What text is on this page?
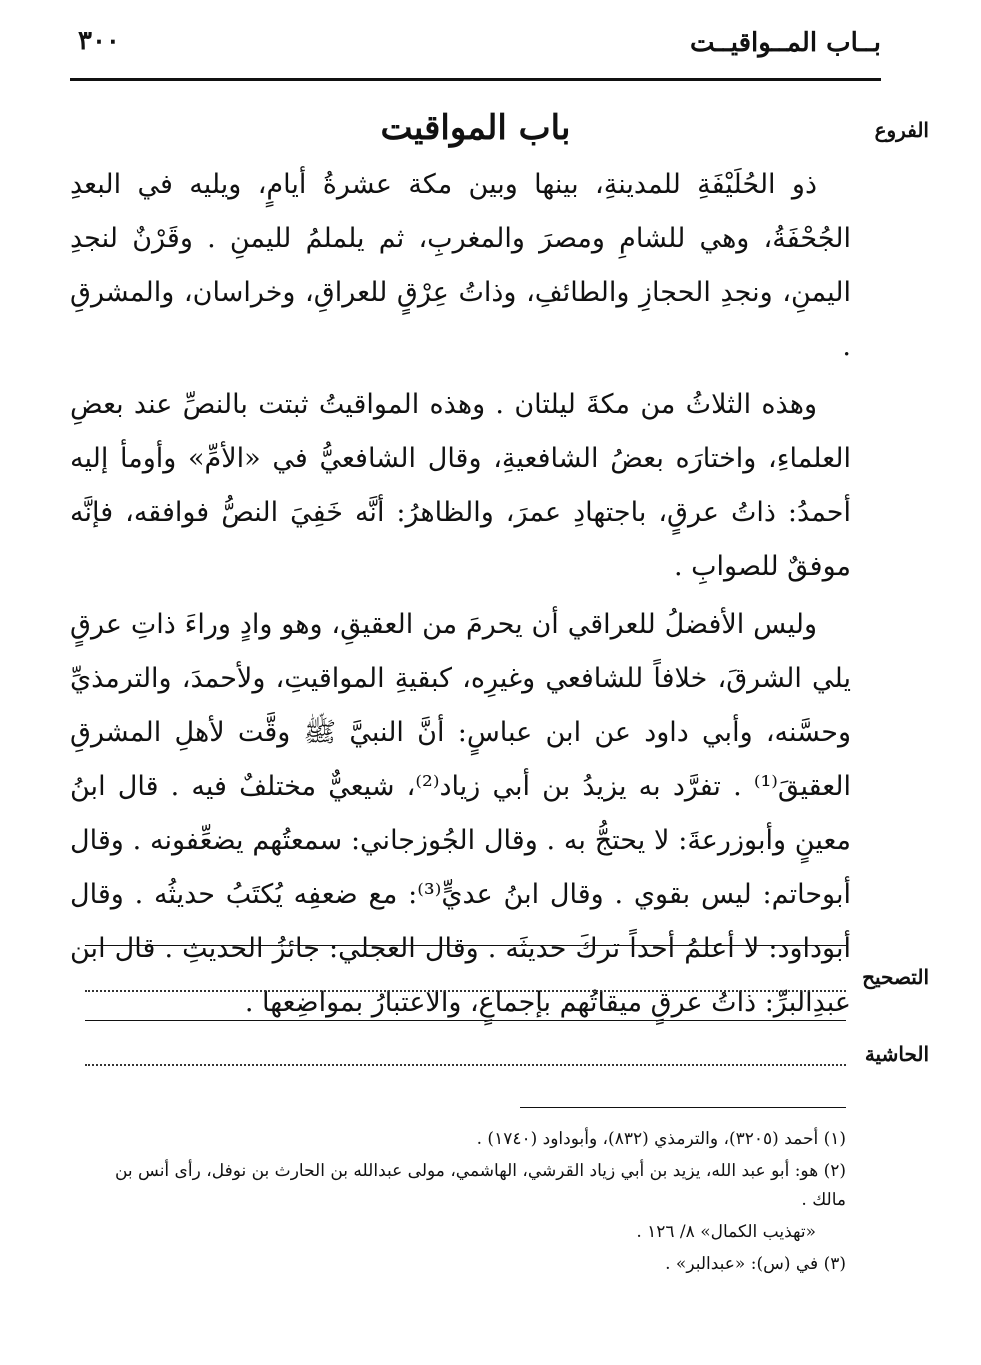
بــاب المــواقيــت
٣٠٠
الفروع
باب المواقيت

ذو الحُلَيْفَةِ للمدينةِ، بينها وبين مكة عشرةُ أيامٍ، ويليه في البعدِ الجُحْفَةُ، وهي للشامِ ومصرَ والمغربِ، ثم يلملمُ لليمنِ . وقَرْنٌ لنجدِ اليمنِ، ونجدِ الحجازِ والطائفِ، وذاتُ عِرْقٍ للعراقِ، وخراسان، والمشرقِ .

وهذه الثلاثُ من مكةَ ليلتان . وهذه المواقيتُ ثبتت بالنصِّ عند بعضِ العلماءِ، واختارَه بعضُ الشافعيةِ، وقال الشافعيُّ في «الأمِّ» وأومأ إليه أحمدُ: ذاتُ عرقٍ، باجتهادِ عمرَ، والظاهرُ: أنَّه خَفِيَ النصُّ فوافقه، فإنَّه موفقٌ للصوابِ .

وليس الأفضلُ للعراقي أن يحرمَ من العقيقِ، وهو وادٍ وراءَ ذاتِ عرقٍ يلي الشرقَ، خلافاً للشافعي وغيرِه، كبقيةِ المواقيتِ، ولأحمدَ، والترمذيِّ وحسَّنه، وأبي داود عن ابن عباسٍ: أنَّ النبيَّ ﷺ وقَّت لأهلِ المشرقِ العقيقَ⁽¹⁾ . تفرَّد به يزيدُ بن أبي زياد⁽²⁾، شيعيٌّ مختلفٌ فيه . قال ابنُ معينٍ وأبوزرعةَ: لا يحتجُّ به . وقال الجُوزجاني: سمعتُهم يضعِّفونه . وقال أبوحاتم: ليس بقوي . وقال ابنُ عديٍّ⁽³⁾: مع ضعفِه يُكتَبُ حديثُه . وقال أبوداود: لا أعلمُ أحداً تركَ حديثَه . وقال العجلي: جائزُ الحديثِ . قال ابن عبدِالبرِّ: ذاتُ عرقٍ ميقاتُهم بإجماعٍ، والاعتبارُ بمواضِعها .

التصحيح
الحاشية
(١) أحمد (٣٢٠٥)، والترمذي (٨٣٢)، وأبوداود (١٧٤٠) .
(٢) هو: أبو عبد الله، يزيد بن أبي زياد القرشي، الهاشمي، مولى عبدالله بن الحارث بن نوفل، رأى أنس بن مالك .
«تهذيب الكمال» ٨/ ١٢٦ .
(٣) في (س): «عبدالبر» .
